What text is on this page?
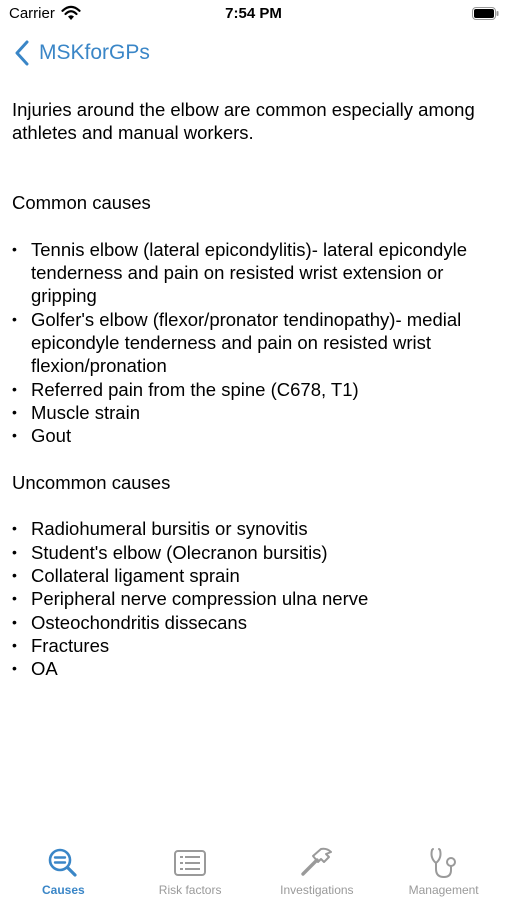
Carrier	7:54 PM
MSKforGPs

Injuries around the elbow are common especially among athletes and manual workers.

Common causes

• Tennis elbow (lateral epicondylitis)- lateral epicondyle tenderness and pain on resisted wrist extension or gripping
• Golfer's elbow (flexor/pronator tendinopathy)- medial epicondyle tenderness and pain on resisted wrist flexion/pronation
• Referred pain from the spine (C678, T1)
• Muscle strain
• Gout

Uncommon causes

• Radiohumeral bursitis or synovitis
• Student's elbow (Olecranon bursitis)
• Collateral ligament sprain
• Peripheral nerve compression ulna nerve
• Osteochondritis dissecans
• Fractures
• OA
Causes	Risk factors	Investigations	Management
